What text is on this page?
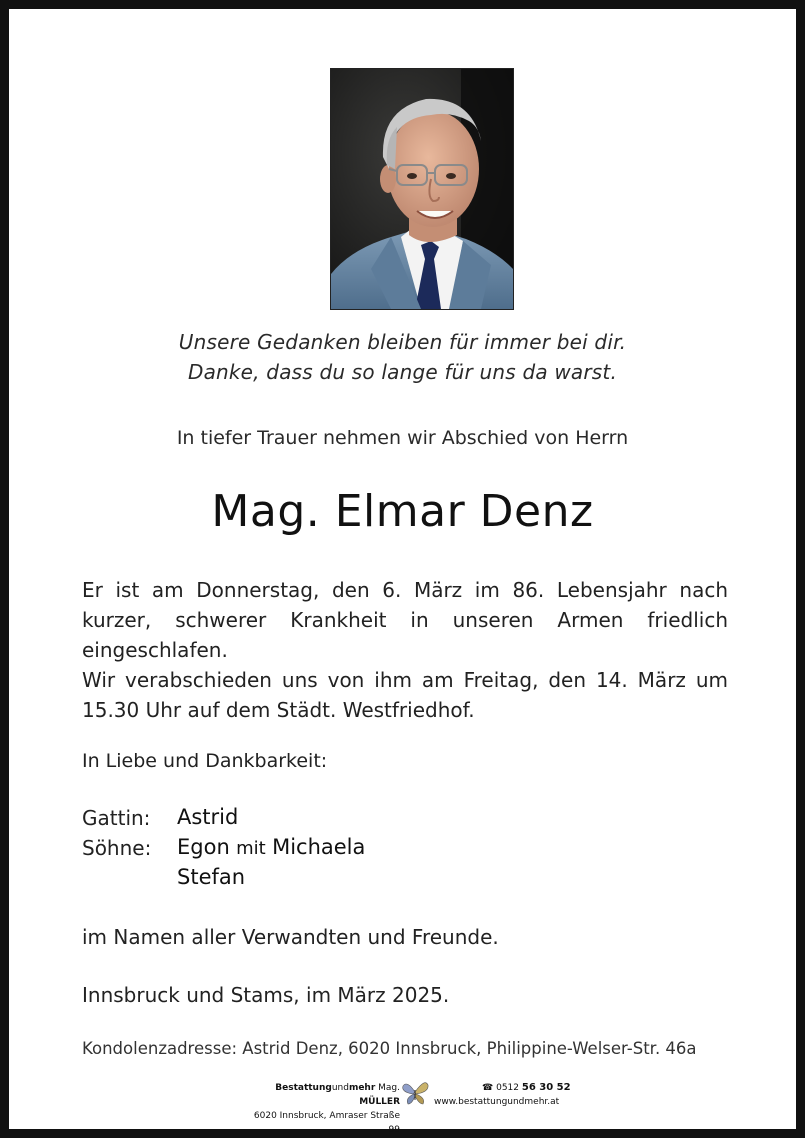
Unsere Gedanken bleiben für immer bei dir.
Danke, dass du so lange für uns da warst.
In tiefer Trauer nehmen wir Abschied von Herrn
Mag. Elmar Denz

Er ist am Donnerstag, den 6. März im 86. Lebensjahr nach kurzer, schwerer Krankheit in unseren Armen friedlich eingeschlafen.

Wir verabschieden uns von ihm am Freitag, den 14. März um 15.30 Uhr auf dem Städt. Westfriedhof.

In Liebe und Dankbarkeit:
Gattin: Astrid
Söhne: Egon mit Michaela
Stefan
im Namen aller Verwandten und Freunde.
Innsbruck und Stams, im März 2025.
Kondolenzadresse: Astrid Denz, 6020 Innsbruck, Philippine-Welser-Str. 46a
Bestattungundmehr Mag. MÜLLER
6020 Innsbruck, Amraser Straße 99
☎ 0512 56 30 52
www.bestattungundmehr.at
